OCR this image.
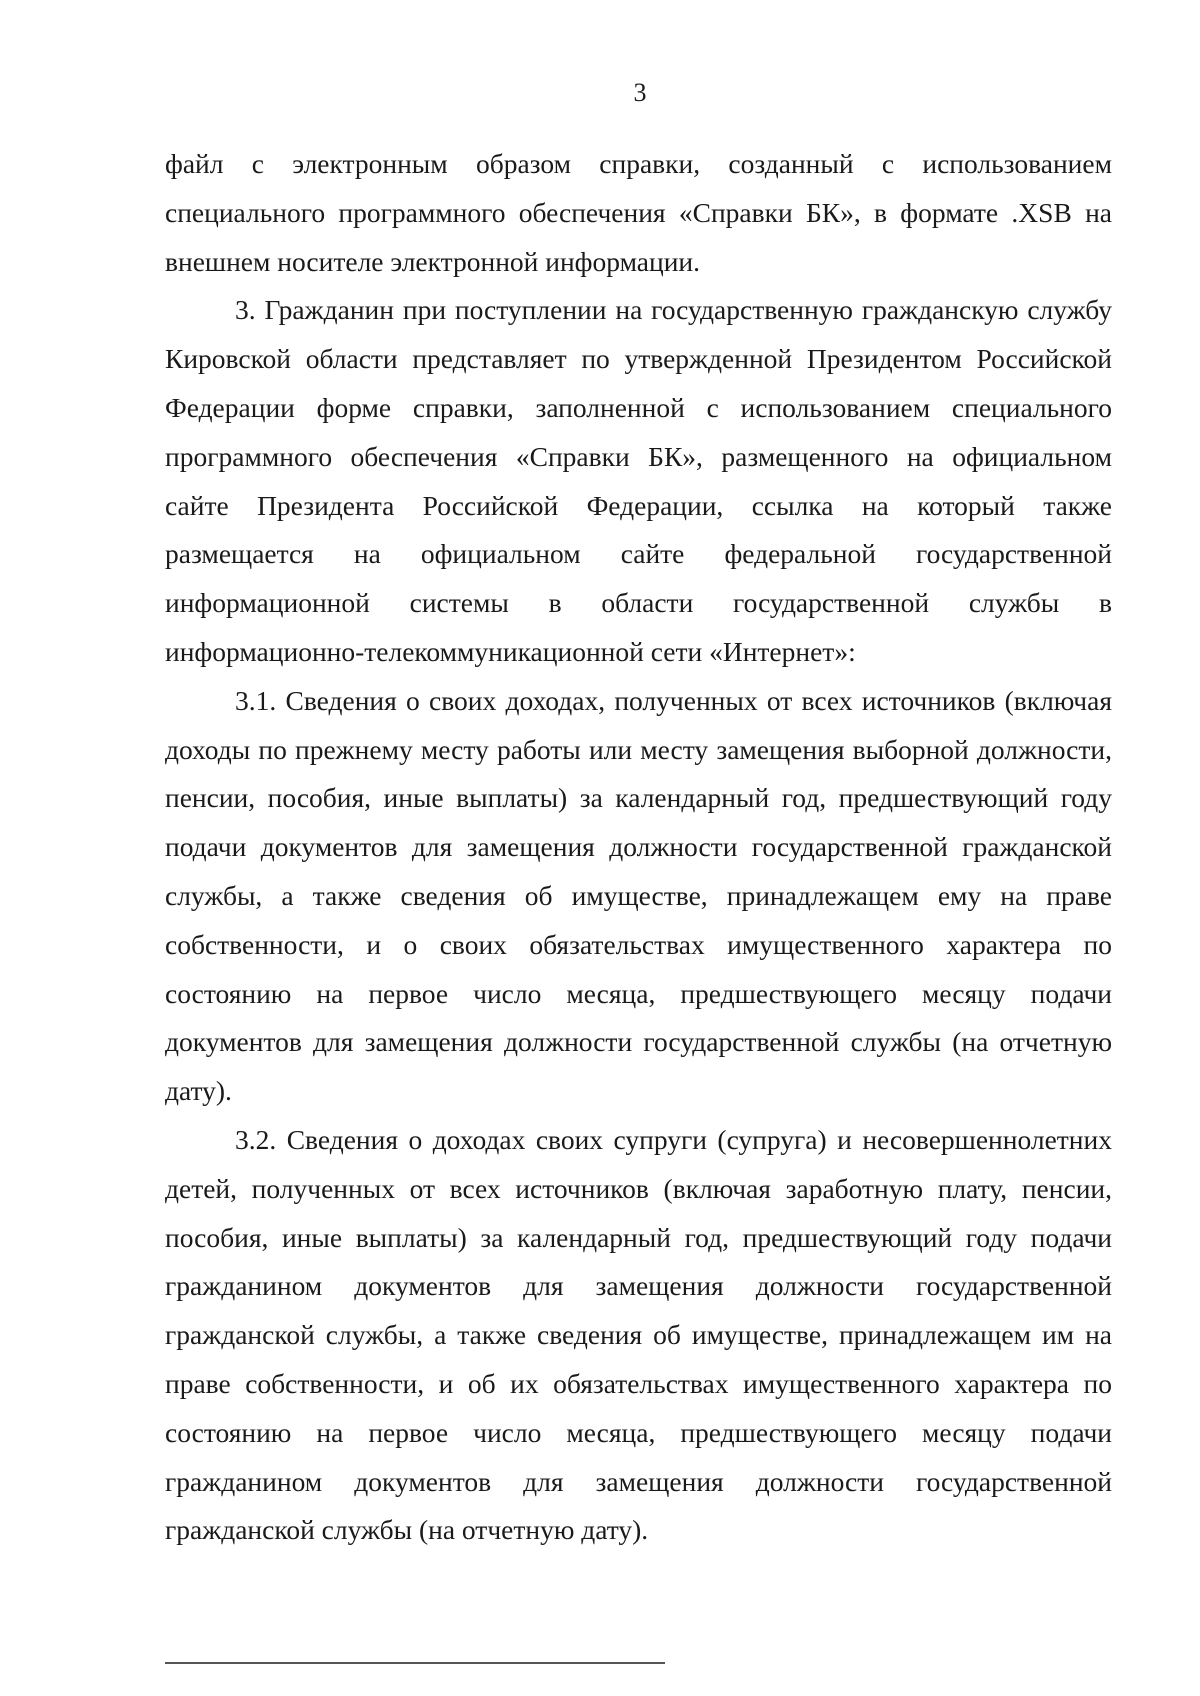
3

файл с электронным образом справки, созданный с использованием специального программного обеспечения «Справки БК», в формате .XSB на внешнем носителе электронной информации.

3. Гражданин при поступлении на государственную гражданскую службу Кировской области представляет по утвержденной Президентом Российской Федерации форме справки, заполненной с использованием специального программного обеспечения «Справки БК», размещенного на официальном сайте Президента Российской Федерации, ссылка на который также размещается на официальном сайте федеральной государственной информационной системы в области государственной службы в информационно-телекоммуникационной сети «Интернет»:

3.1. Сведения о своих доходах, полученных от всех источников (включая доходы по прежнему месту работы или месту замещения выборной должности, пенсии, пособия, иные выплаты) за календарный год, предшествующий году подачи документов для замещения должности государственной гражданской службы, а также сведения об имуществе, принадлежащем ему на праве собственности, и о своих обязательствах имущественного характера по состоянию на первое число месяца, предшествующего месяцу подачи документов для замещения должности государственной службы (на отчетную дату).

3.2. Сведения о доходах своих супруги (супруга) и несовершеннолетних детей, полученных от всех источников (включая заработную плату, пенсии, пособия, иные выплаты) за календарный год, предшествующий году подачи гражданином документов для замещения должности государственной гражданской службы, а также сведения об имуществе, принадлежащем им на праве собственности, и об их обязательствах имущественного характера по состоянию на первое число месяца, предшествующего месяцу подачи гражданином документов для замещения должности государственной гражданской службы (на отчетную дату).
